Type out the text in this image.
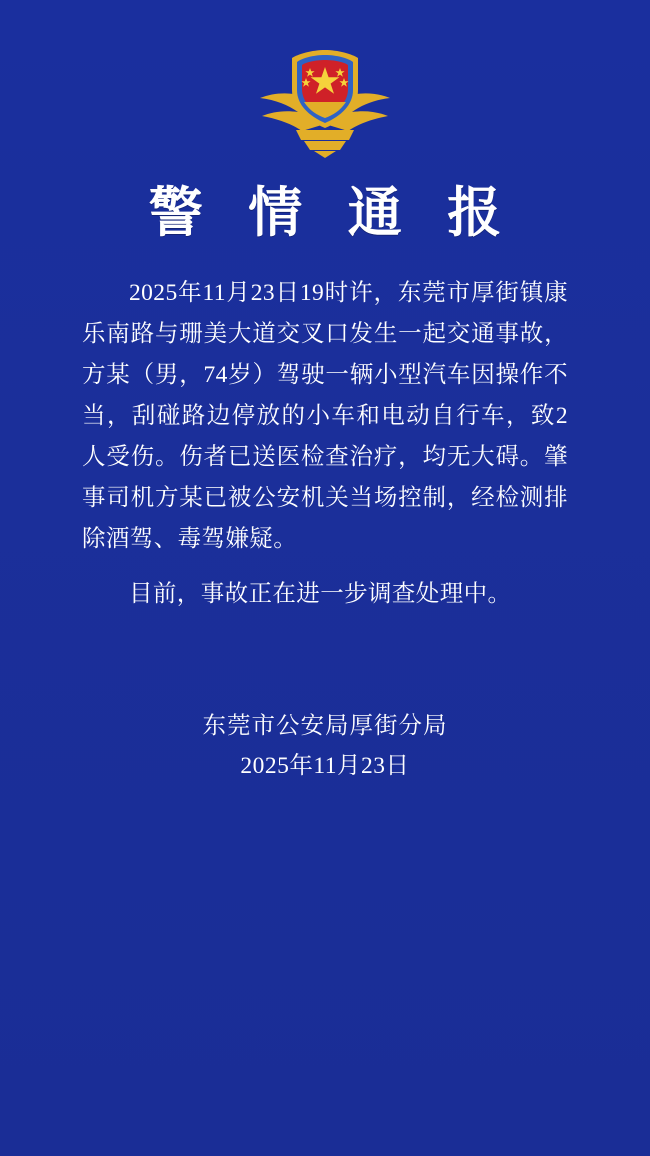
警 情 通 报

2025年11月23日19时许，东莞市厚街镇康乐南路与珊美大道交叉口发生一起交通事故，方某（男，74岁）驾驶一辆小型汽车因操作不当，刮碰路边停放的小车和电动自行车，致2人受伤。伤者已送医检查治疗，均无大碍。肇事司机方某已被公安机关当场控制，经检测排除酒驾、毒驾嫌疑。

目前，事故正在进一步调查处理中。

东莞市公安局厚街分局
2025年11月23日
